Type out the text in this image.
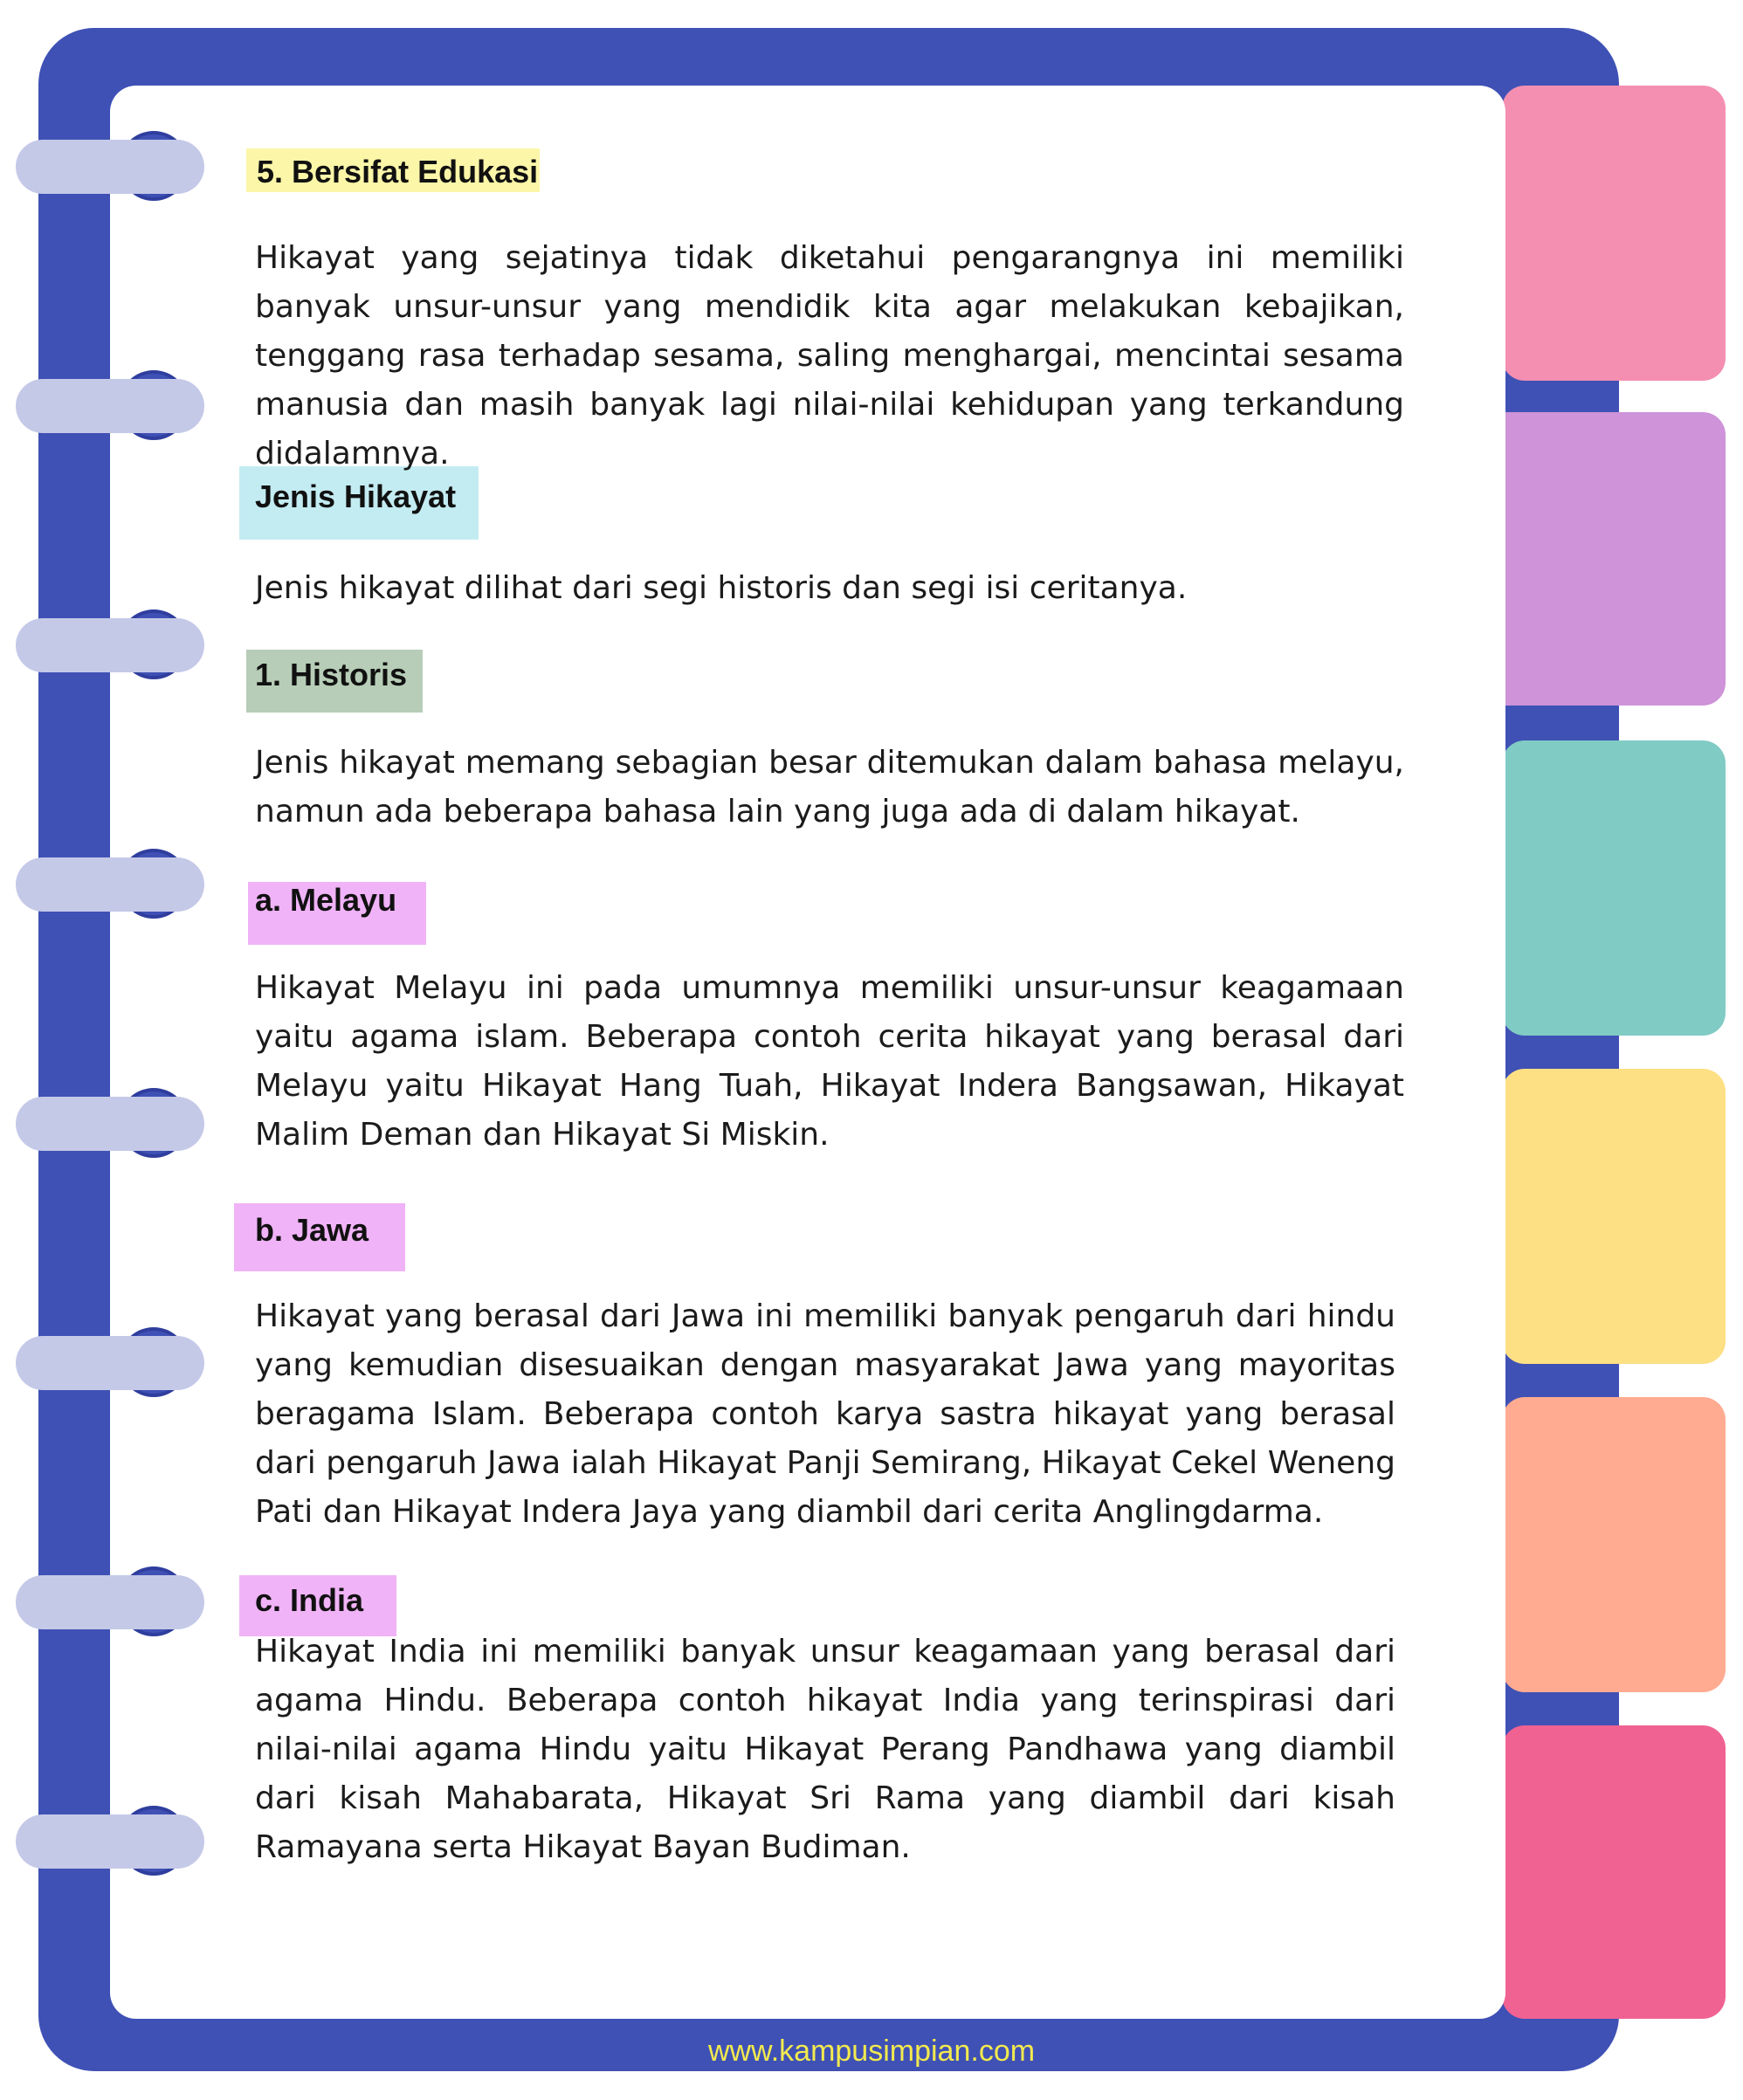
5. Bersifat Edukasi
Jenis Hikayat
1. Historis
a. Melayu
b. Jawa
c. India
Hikayat yang sejatinya tidak diketahui pengarangnya ini memiliki banyak unsur-unsur yang mendidik kita agar melakukan kebajikan, tenggang rasa terhadap sesama, saling menghargai, mencintai sesama manusia dan masih banyak lagi nilai-nilai kehidupan yang terkandung didalamnya.
Jenis hikayat dilihat dari segi historis dan segi isi ceritanya.
Jenis hikayat memang sebagian besar ditemukan dalam bahasa melayu, namun ada beberapa bahasa lain yang juga ada di dalam hikayat.
Hikayat Melayu ini pada umumnya memiliki unsur-unsur keagamaan yaitu agama islam. Beberapa contoh cerita hikayat yang berasal dari Melayu yaitu Hikayat Hang Tuah, Hikayat Indera Bangsawan, Hikayat Malim Deman dan Hikayat Si Miskin.
Hikayat yang berasal dari Jawa ini memiliki banyak pengaruh dari hindu yang kemudian disesuaikan dengan masyarakat Jawa yang mayoritas beragama Islam. Beberapa contoh karya sastra hikayat yang berasal dari pengaruh Jawa ialah Hikayat Panji Semirang, Hikayat Cekel Weneng Pati dan Hikayat Indera Jaya yang diambil dari cerita Anglingdarma.
Hikayat India ini memiliki banyak unsur keagamaan yang berasal dari agama Hindu. Beberapa contoh hikayat India yang terinspirasi dari nilai-nilai agama Hindu yaitu Hikayat Perang Pandhawa yang diambil dari kisah Mahabarata, Hikayat Sri Rama yang diambil dari kisah Ramayana serta Hikayat Bayan Budiman.
www.kampusimpian.com
